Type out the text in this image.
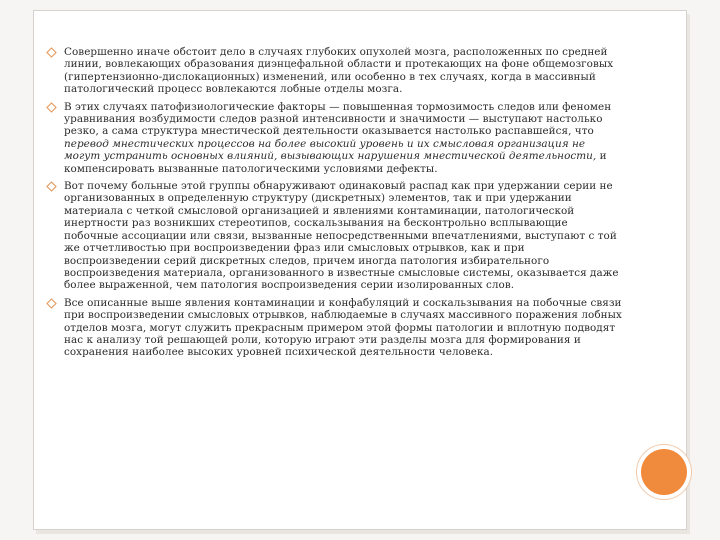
Совершенно иначе обстоит дело в случаях глубоких опухолей мозга, расположенных по средней линии, вовлекающих образования диэнцефальной области и протекающих на фоне общемозговых (гипертензионно-дислокационных) изменений, или особенно в тех случаях, когда в массивный патологический процесс вовлекаются лобные отделы мозга.
В этих случаях патофизиологические факторы — повышенная тормозимость следов или феномен уравнивания возбудимости следов разной интенсивности и значимости — выступают настолько резко, а сама структура мнестической деятельности оказывается настолько распавшейся, что перевод мнестических процессов на более высокий уровень и их смысловая организация не могут устранить основных влияний, вызывающих нарушения мнестической деятельности, и компенсировать вызванные патологическими условиями дефекты.
Вот почему больные этой группы обнаруживают одинаковый распад как при удержании серии не организованных в определенную структуру (дискретных) элементов, так и при удержании материала с четкой смысловой организацией и явлениями контаминации, патологической инертности раз возникших стереотипов, соскальзывания на бесконтрольно всплывающие побочные ассоциации или связи, вызванные непосредственными впечатлениями, выступают с той же отчетливостью при воспроизведении фраз или смысловых отрывков, как и при воспроизведении серий дискретных следов, причем иногда патология избирательного воспроизведения материала, организованного в известные смысловые системы, оказывается даже более выраженной, чем патология воспроизведения серии изолированных слов.
Все описанные выше явления контаминации и конфабуляций и соскальзывания на побочные связи при воспроизведении смысловых отрывков, наблюдаемые в случаях массивного поражения лобных отделов мозга, могут служить прекрасным примером этой формы патологии и вплотную подводят нас к анализу той решающей роли, которую играют эти разделы мозга для формирования и сохранения наиболее высоких уровней психической деятельности человека.
